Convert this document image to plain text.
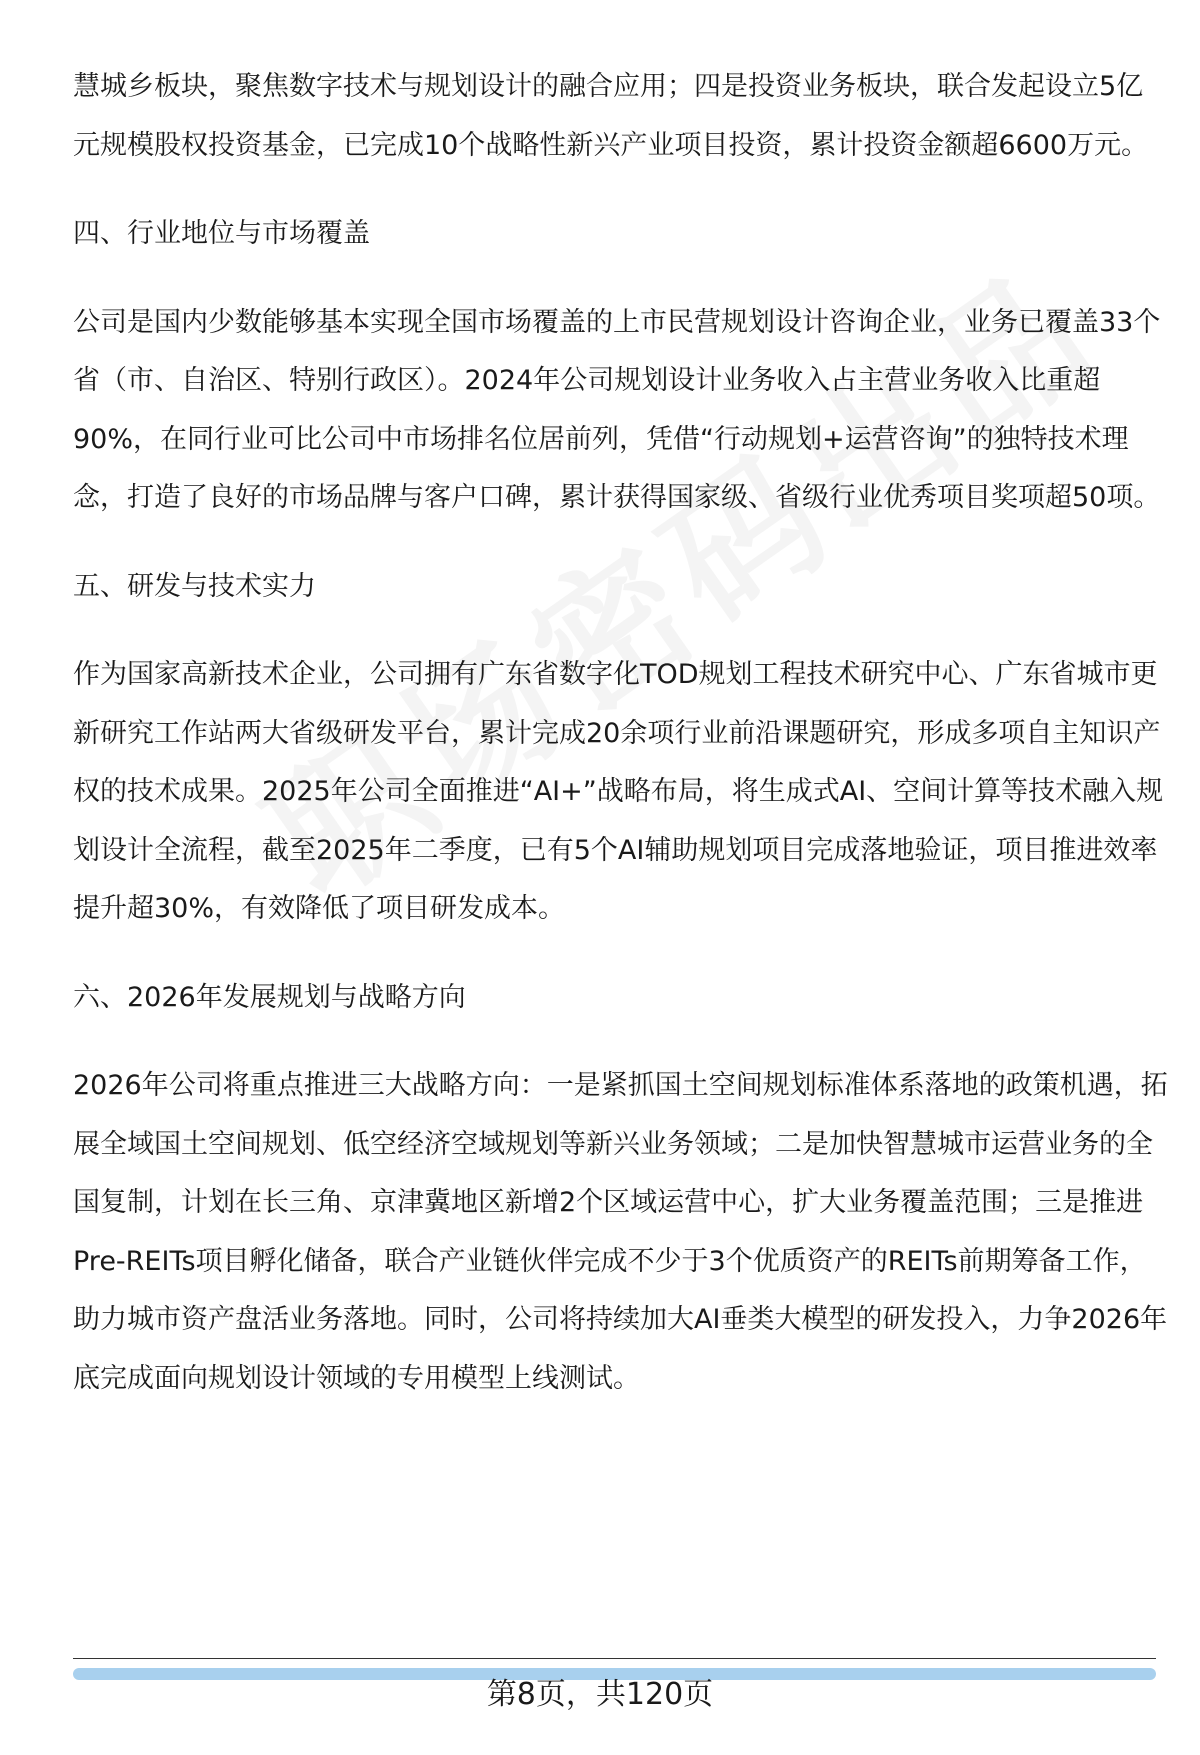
慧城乡板块，聚焦数字技术与规划设计的融合应用；四是投资业务板块，联合发起设立5亿元规模股权投资基金，已完成10个战略性新兴产业项目投资，累计投资金额超6600万元。

四、行业地位与市场覆盖

公司是国内少数能够基本实现全国市场覆盖的上市民营规划设计咨询企业，业务已覆盖33个省（市、自治区、特别行政区）。2024年公司规划设计业务收入占主营业务收入比重超90%，在同行业可比公司中市场排名位居前列，凭借“行动规划+运营咨询”的独特技术理念，打造了良好的市场品牌与客户口碑，累计获得国家级、省级行业优秀项目奖项超50项。

五、研发与技术实力

作为国家高新技术企业，公司拥有广东省数字化TOD规划工程技术研究中心、广东省城市更新研究工作站两大省级研发平台，累计完成20余项行业前沿课题研究，形成多项自主知识产权的技术成果。2025年公司全面推进“AI+”战略布局，将生成式AI、空间计算等技术融入规划设计全流程，截至2025年二季度，已有5个AI辅助规划项目完成落地验证，项目推进效率提升超30%，有效降低了项目研发成本。

六、2026年发展规划与战略方向

2026年公司将重点推进三大战略方向：一是紧抓国土空间规划标准体系落地的政策机遇，拓展全域国土空间规划、低空经济空域规划等新兴业务领域；二是加快智慧城市运营业务的全国复制，计划在长三角、京津冀地区新增2个区域运营中心，扩大业务覆盖范围；三是推进Pre-REITs项目孵化储备，联合产业链伙伴完成不少于3个优质资产的REITs前期筹备工作，助力城市资产盘活业务落地。同时，公司将持续加大AI垂类大模型的研发投入，力争2026年底完成面向规划设计领域的专用模型上线测试。

第8页，共120页
